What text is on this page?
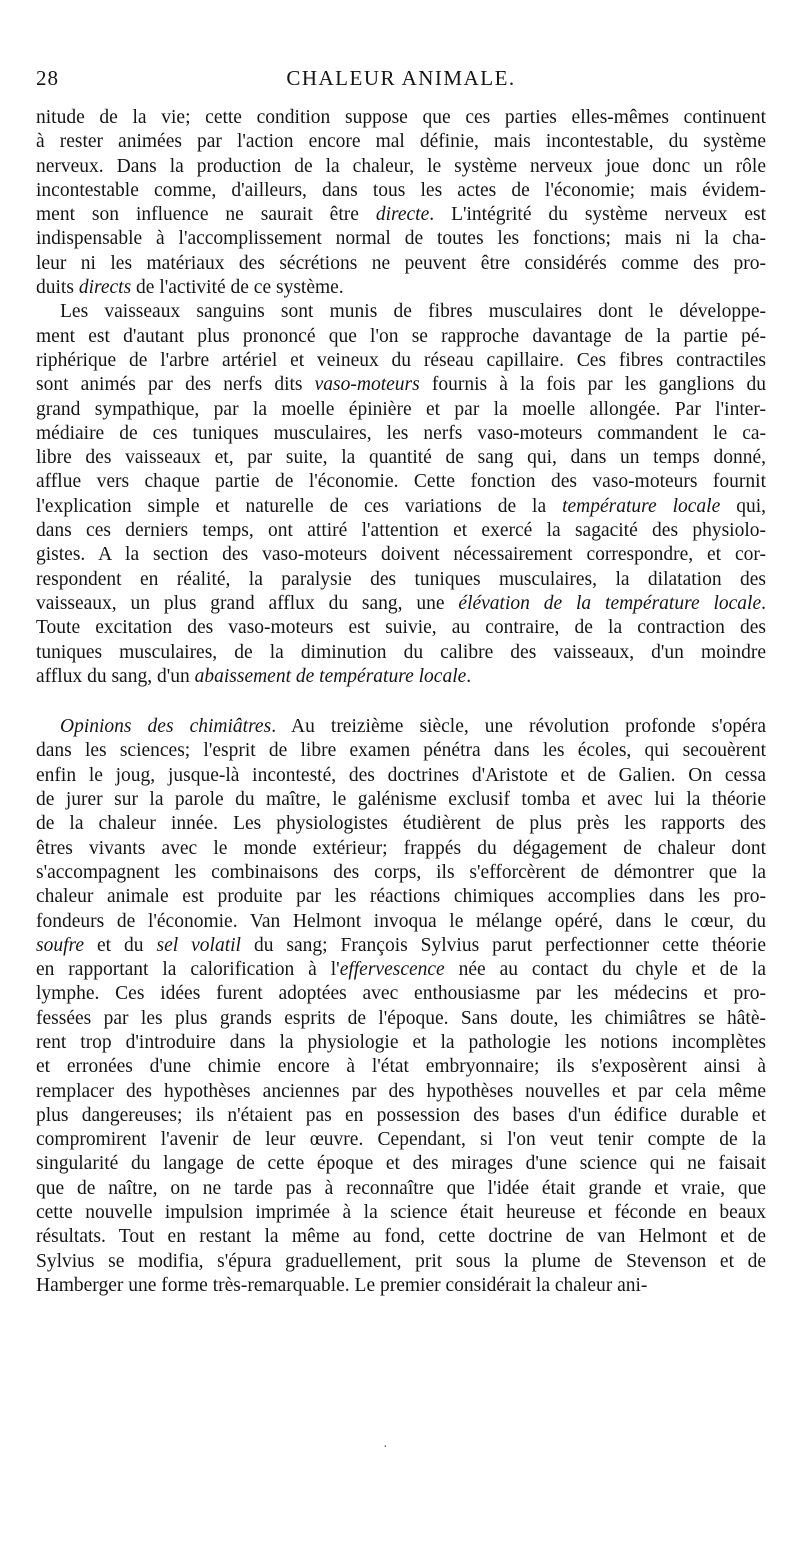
28	CHALEUR ANIMALE.
nitude de la vie; cette condition suppose que ces parties elles-mêmes continuent
à rester animées par l'action encore mal définie, mais incontestable, du système
nerveux. Dans la production de la chaleur, le système nerveux joue donc un rôle
incontestable comme, d'ailleurs, dans tous les actes de l'économie; mais évidem-
ment son influence ne saurait être directe. L'intégrité du système nerveux est
indispensable à l'accomplissement normal de toutes les fonctions; mais ni la cha-
leur ni les matériaux des sécrétions ne peuvent être considérés comme des pro-
duits directs de l'activité de ce système.
Les vaisseaux sanguins sont munis de fibres musculaires dont le développe-
ment est d'autant plus prononcé que l'on se rapproche davantage de la partie pé-
riphérique de l'arbre artériel et veineux du réseau capillaire. Ces fibres contractiles
sont animés par des nerfs dits vaso-moteurs fournis à la fois par les ganglions du
grand sympathique, par la moelle épinière et par la moelle allongée. Par l'inter-
médiaire de ces tuniques musculaires, les nerfs vaso-moteurs commandent le ca-
libre des vaisseaux et, par suite, la quantité de sang qui, dans un temps donné,
afflue vers chaque partie de l'économie. Cette fonction des vaso-moteurs fournit
l'explication simple et naturelle de ces variations de la température locale qui,
dans ces derniers temps, ont attiré l'attention et exercé la sagacité des physiolo-
gistes. A la section des vaso-moteurs doivent nécessairement correspondre, et cor-
respondent en réalité, la paralysie des tuniques musculaires, la dilatation des
vaisseaux, un plus grand afflux du sang, une élévation de la température locale.
Toute excitation des vaso-moteurs est suivie, au contraire, de la contraction des
tuniques musculaires, de la diminution du calibre des vaisseaux, d'un moindre
afflux du sang, d'un abaissement de température locale.
Opinions des chimiâtres. Au treizième siècle, une révolution profonde s'opéra
dans les sciences; l'esprit de libre examen pénétra dans les écoles, qui secouèrent
enfin le joug, jusque-là incontesté, des doctrines d'Aristote et de Galien. On cessa
de jurer sur la parole du maître, le galénisme exclusif tomba et avec lui la théorie
de la chaleur innée. Les physiologistes étudièrent de plus près les rapports des
êtres vivants avec le monde extérieur; frappés du dégagement de chaleur dont
s'accompagnent les combinaisons des corps, ils s'efforcèrent de démontrer que la
chaleur animale est produite par les réactions chimiques accomplies dans les pro-
fondeurs de l'économie. Van Helmont invoqua le mélange opéré, dans le cœur, du
soufre et du sel volatil du sang; François Sylvius parut perfectionner cette théorie
en rapportant la calorification à l'effervescence née au contact du chyle et de la
lymphe. Ces idées furent adoptées avec enthousiasme par les médecins et pro-
fessées par les plus grands esprits de l'époque. Sans doute, les chimiâtres se hâtè-
rent trop d'introduire dans la physiologie et la pathologie les notions incomplètes
et erronées d'une chimie encore à l'état embryonnaire; ils s'exposèrent ainsi à
remplacer des hypothèses anciennes par des hypothèses nouvelles et par cela même
plus dangereuses; ils n'étaient pas en possession des bases d'un édifice durable et
compromirent l'avenir de leur œuvre. Cependant, si l'on veut tenir compte de la
singularité du langage de cette époque et des mirages d'une science qui ne faisait
que de naître, on ne tarde pas à reconnaître que l'idée était grande et vraie, que
cette nouvelle impulsion imprimée à la science était heureuse et féconde en beaux
résultats. Tout en restant la même au fond, cette doctrine de van Helmont et de
Sylvius se modifia, s'épura graduellement, prit sous la plume de Stevenson et de
Hamberger une forme très-remarquable. Le premier considérait la chaleur ani-
·
